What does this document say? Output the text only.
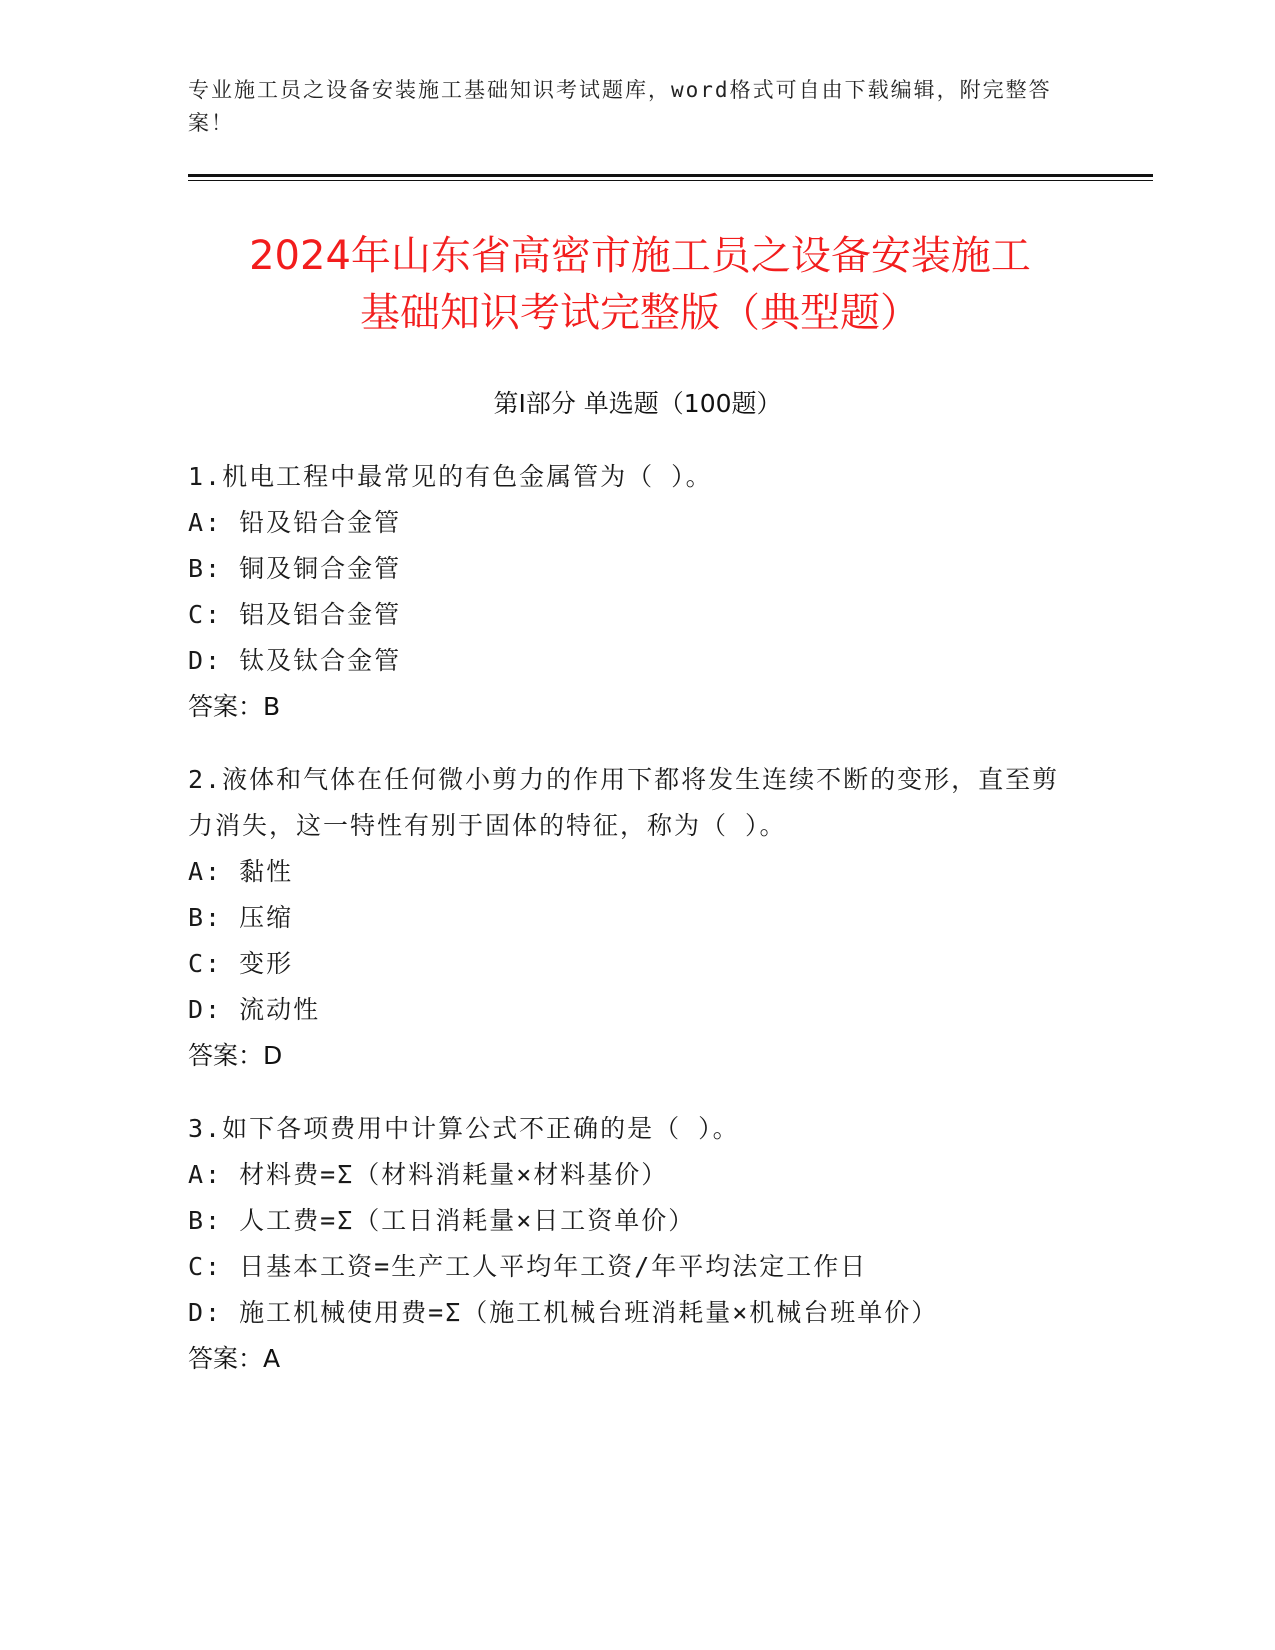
专业施工员之设备安装施工基础知识考试题库，word格式可自由下载编辑，附完整答案！
2024年山东省高密市施工员之设备安装施工
基础知识考试完整版（典型题）
第I部分 单选题（100题）
1.机电工程中最常见的有色金属管为（ ）。
A: 铅及铅合金管
B: 铜及铜合金管
C: 铝及铝合金管
D: 钛及钛合金管
答案：B
2.液体和气体在任何微小剪力的作用下都将发生连续不断的变形，直至剪力消失，这一特性有别于固体的特征，称为（ ）。
A: 黏性
B: 压缩
C: 变形
D: 流动性
答案：D
3.如下各项费用中计算公式不正确的是（ ）。
A: 材料费=Σ（材料消耗量×材料基价）
B: 人工费=Σ（工日消耗量×日工资单价）
C: 日基本工资=生产工人平均年工资/年平均法定工作日
D: 施工机械使用费=Σ（施工机械台班消耗量×机械台班单价）
答案：A
